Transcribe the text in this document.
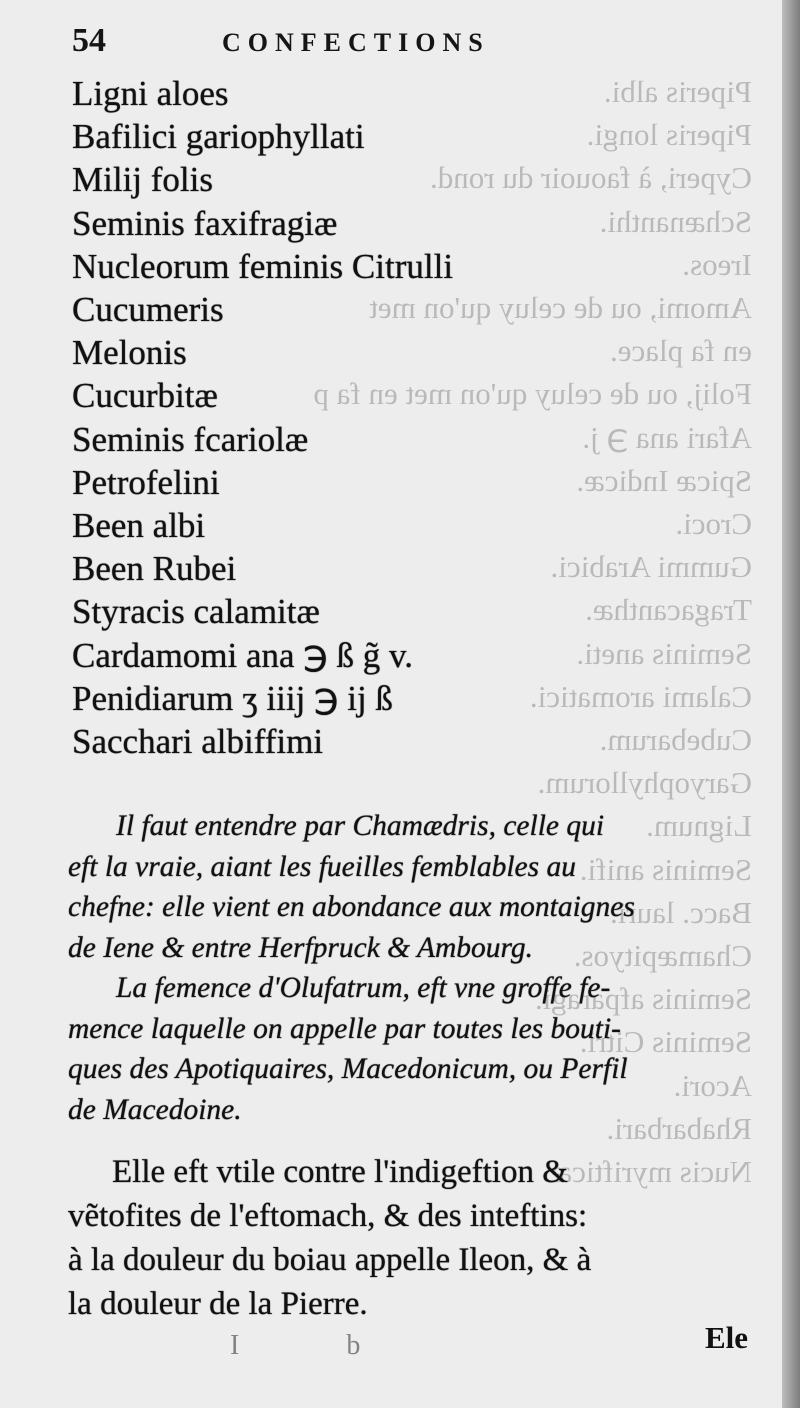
Piperis albi.
Piperis longi.
Cyperi, à faouoir du rond.
Schænanthi.
Ireos.
Amomi, ou de celuy qu'on met
en fa place.
Folij, ou de celuy qu'on met en fa p
Afari ana ℈ j.
Spicæ Indicæ.
Croci.
Gummi Arabici.
Tragacanthæ.
Seminis aneti.
Calami aromatici.
Cubebarum.
Garyophyllorum.
Lignum.
Seminis anifi.
Bacc. lauri.
Chamæpityos.
Seminis afparagi.
Seminis Citri.
Acori.
Rhabarbari.
Nucis myrifticæ
54	CONFECTIONS
Ligni aloes
Bafilici gariophyllati
Milij folis
Seminis faxifragiæ
Nucleorum feminis Citrulli
Cucumeris
Melonis
Cucurbitæ
Seminis fcariolæ
Petrofelini
Been albi
Been Rubei
Styracis calamitæ
Cardamomi ana ℈ ß g̃ v.
Penidiarum ʒ iiij ℈ ij ß
Sacchari albiffimi
Il faut entendre par Chamædris, celle qui
eft la vraie, aiant les fueilles femblables au
chefne: elle vient en abondance aux montaignes
de Iene & entre Herfpruck & Ambourg.
La femence d'Olufatrum, eft vne groffe fe-
mence laquelle on appelle par toutes les bouti-
ques des Apotiquaires, Macedonicum, ou Perfil
de Macedoine.
Elle eft vtile contre l'indigeftion &
vẽtofites de l'eftomach, & des inteftins:
à la douleur du boiau appelle Ileon, & à
la douleur de la Pierre.
I b	Ele
